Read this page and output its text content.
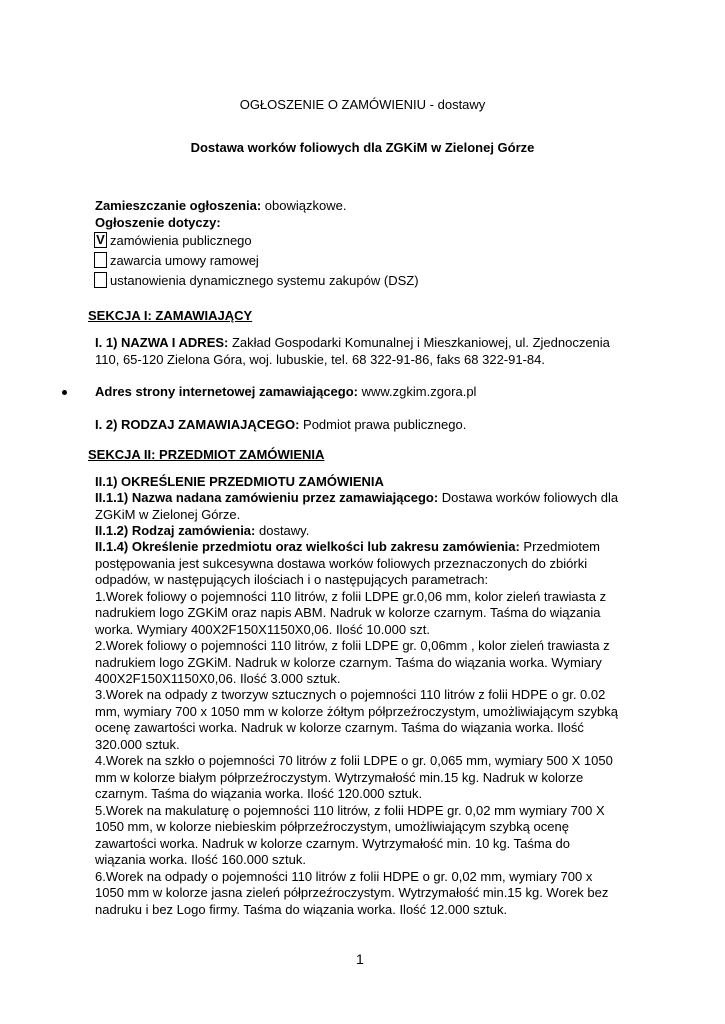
OGŁOSZENIE O ZAMÓWIENIU - dostawy
Dostawa worków foliowych dla ZGKiM w Zielonej Górze
Zamieszczanie ogłoszenia: obowiązkowe.
Ogłoszenie dotyczy:
V zamówienia publicznego
zawarcia umowy ramowej
ustanowienia dynamicznego systemu zakupów (DSZ)
SEKCJA I: ZAMAWIAJĄCY
I. 1) NAZWA I ADRES: Zakład Gospodarki Komunalnej i Mieszkaniowej, ul. Zjednoczenia
110, 65-120 Zielona Góra, woj. lubuskie, tel. 68 322-91-86, faks 68 322-91-84.
Adres strony internetowej zamawiającego: www.zgkim.zgora.pl
I. 2) RODZAJ ZAMAWIAJĄCEGO: Podmiot prawa publicznego.
SEKCJA II: PRZEDMIOT ZAMÓWIENIA
II.1) OKREŚLENIE PRZEDMIOTU ZAMÓWIENIA
II.1.1) Nazwa nadana zamówieniu przez zamawiającego: Dostawa worków foliowych dla
ZGKiM w Zielonej Górze.
II.1.2) Rodzaj zamówienia: dostawy.
II.1.4) Określenie przedmiotu oraz wielkości lub zakresu zamówienia: Przedmiotem
postępowania jest sukcesywna dostawa worków foliowych przeznaczonych do zbiórki
odpadów, w następujących ilościach i o następujących parametrach:
1.Worek foliowy o pojemności 110 litrów, z folii LDPE gr.0,06 mm, kolor zieleń trawiasta z
nadrukiem logo ZGKiM oraz napis ABM. Nadruk w kolorze czarnym. Taśma do wiązania
worka. Wymiary 400X2F150X1150X0,06. Ilość 10.000 szt.
2.Worek foliowy o pojemności 110 litrów, z folii LDPE gr. 0,06mm , kolor zieleń trawiasta z
nadrukiem logo ZGKiM. Nadruk w kolorze czarnym. Taśma do wiązania worka. Wymiary
400X2F150X1150X0,06. Ilość 3.000 sztuk.
3.Worek na odpady z tworzyw sztucznych o pojemności 110 litrów z folii HDPE o gr. 0.02
mm, wymiary 700 x 1050 mm w kolorze żółtym półprzeźroczystym, umożliwiającym szybką
ocenę zawartości worka. Nadruk w kolorze czarnym. Taśma do wiązania worka. Ilość
320.000 sztuk.
4.Worek na szkło o pojemności 70 litrów z folii LDPE o gr. 0,065 mm, wymiary 500 X 1050
mm w kolorze białym półprzeźroczystym. Wytrzymałość min.15 kg. Nadruk w kolorze
czarnym. Taśma do wiązania worka. Ilość 120.000 sztuk.
5.Worek na makulaturę o pojemności 110 litrów, z folii HDPE gr. 0,02 mm wymiary 700 X
1050 mm, w kolorze niebieskim półprzeźroczystym, umożliwiającym szybką ocenę
zawartości worka. Nadruk w kolorze czarnym. Wytrzymałość min. 10 kg. Taśma do
wiązania worka. Ilość 160.000 sztuk.
6.Worek na odpady o pojemności 110 litrów z folii HDPE o gr. 0,02 mm, wymiary 700 x
1050 mm w kolorze jasna zieleń półprzeźroczystym. Wytrzymałość min.15 kg. Worek bez
nadruku i bez Logo firmy. Taśma do wiązania worka. Ilość 12.000 sztuk.
1
